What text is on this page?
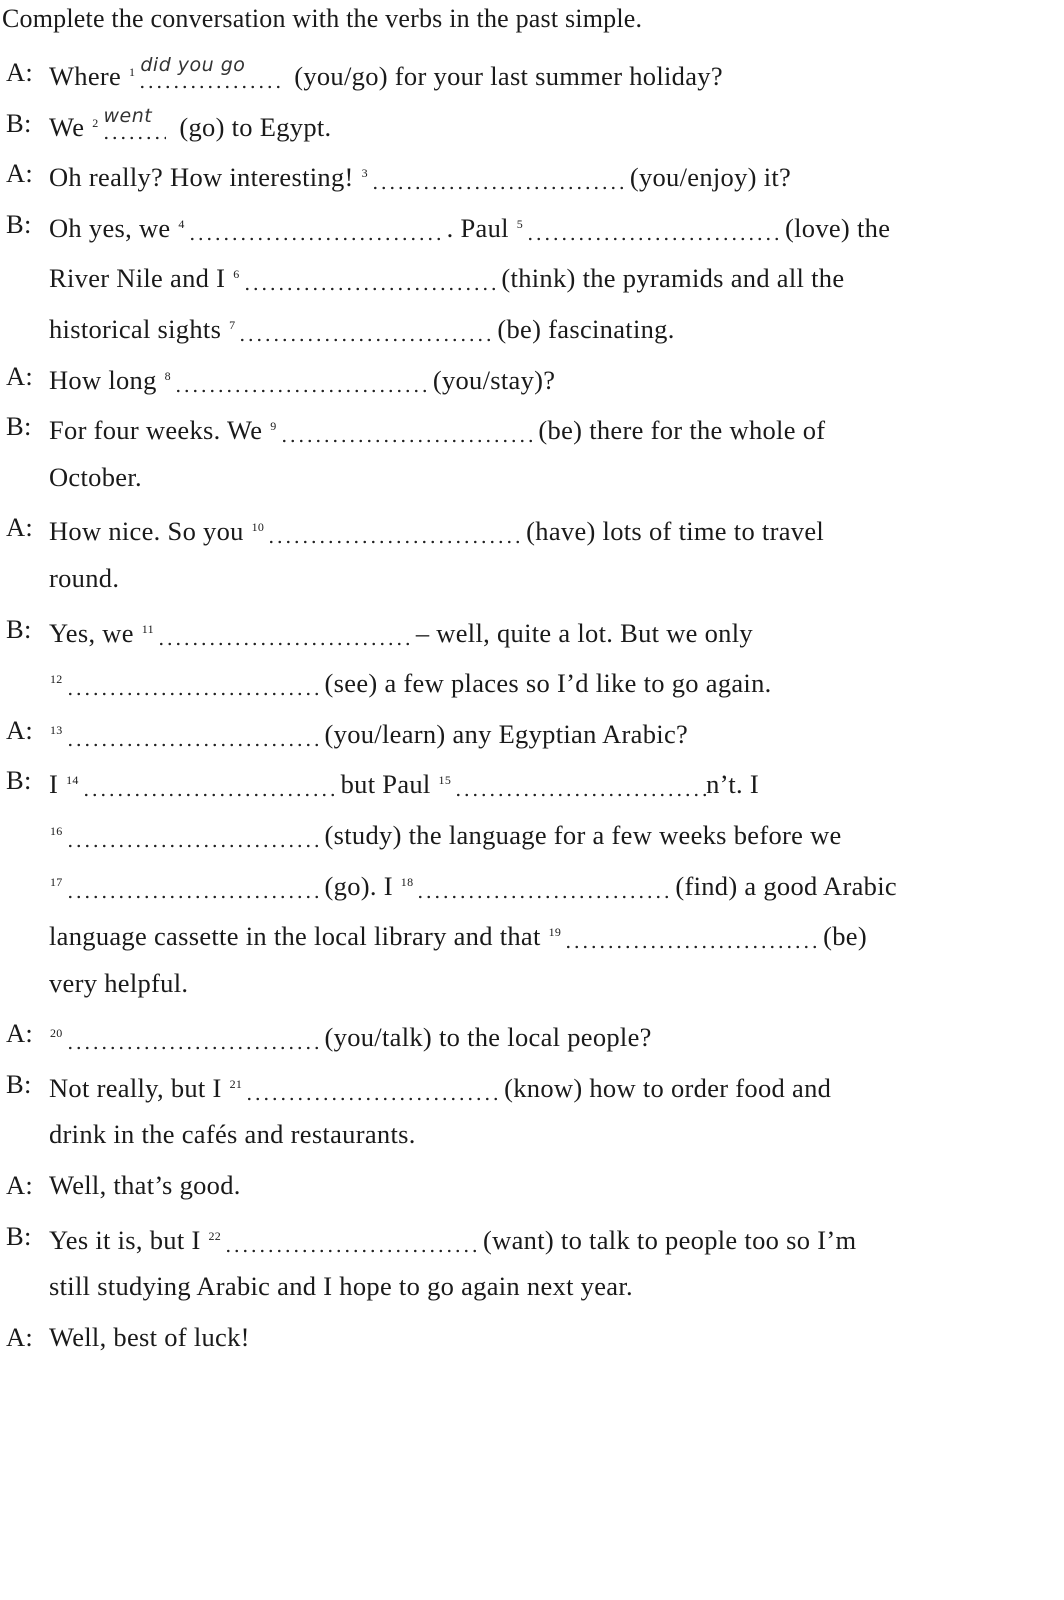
Complete the conversation with the verbs in the past simple.
A: Where $^1$ did you go (you/go) for your last summer holiday?
B: We $^2$ went (go) to Egypt.
A: Oh really? How interesting! $^3$	(you/enjoy) it?
B: Oh yes, we $^4$	. Paul $^5$	(love) the
River Nile and I $^6$	(think) the pyramids and all the
historical sights $^7$	(be) fascinating.
A: How long $^8$	(you/stay)?
B: For four weeks. We $^9$	(be) there for the whole of
October.
A: How nice. So you $^{10}$	(have) lots of time to travel
round.
B: Yes, we $^{11}$	– well, quite a lot. But we only
$^{12}$	(see) a few places so I’d like to go again.
A: $^{13}$	(you/learn) any Egyptian Arabic?
B: I $^{14}$	but Paul $^{15}$	n’t. I
$^{16}$	(study) the language for a few weeks before we
$^{17}$	(go). I $^{18}$	(find) a good Arabic
language cassette in the local library and that $^{19}$	(be)
very helpful.
A: $^{20}$	(you/talk) to the local people?
B: Not really, but I $^{21}$	(know) how to order food and
drink in the cafés and restaurants.
A: Well, that’s good.
B: Yes it is, but I $^{22}$	(want) to talk to people too so I’m
still studying Arabic and I hope to go again next year.
A: Well, best of luck!
